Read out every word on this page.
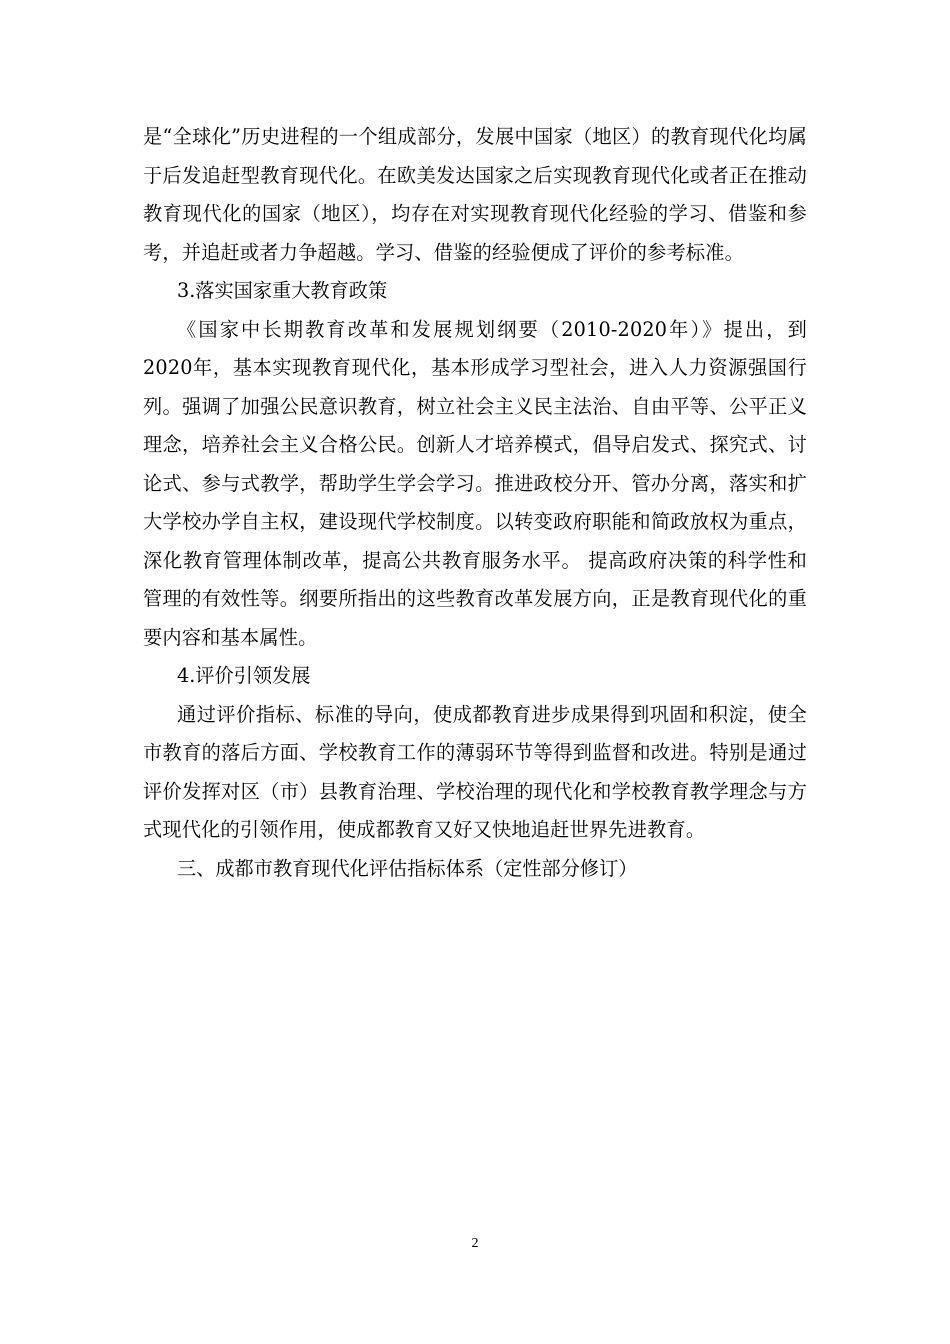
是“全球化”历史进程的一个组成部分，发展中国家（地区）的教育现代化均属于后发追赶型教育现代化。在欧美发达国家之后实现教育现代化或者正在推动教育现代化的国家（地区），均存在对实现教育现代化经验的学习、借鉴和参考，并追赶或者力争超越。学习、借鉴的经验便成了评价的参考标准。

3.落实国家重大教育政策

《国家中长期教育改革和发展规划纲要（2010-2020年）》提出，到2020年，基本实现教育现代化，基本形成学习型社会，进入人力资源强国行列。强调了加强公民意识教育，树立社会主义民主法治、自由平等、公平正义理念，培养社会主义合格公民。创新人才培养模式，倡导启发式、探究式、讨论式、参与式教学，帮助学生学会学习。推进政校分开、管办分离，落实和扩大学校办学自主权，建设现代学校制度。以转变政府职能和简政放权为重点，深化教育管理体制改革，提高公共教育服务水平。 提高政府决策的科学性和管理的有效性等。纲要所指出的这些教育改革发展方向，正是教育现代化的重要内容和基本属性。

4.评价引领发展

通过评价指标、标准的导向，使成都教育进步成果得到巩固和积淀，使全市教育的落后方面、学校教育工作的薄弱环节等得到监督和改进。特别是通过评价发挥对区（市）县教育治理、学校治理的现代化和学校教育教学理念与方式现代化的引领作用，使成都教育又好又快地追赶世界先进教育。

三、成都市教育现代化评估指标体系（定性部分修订）

2
